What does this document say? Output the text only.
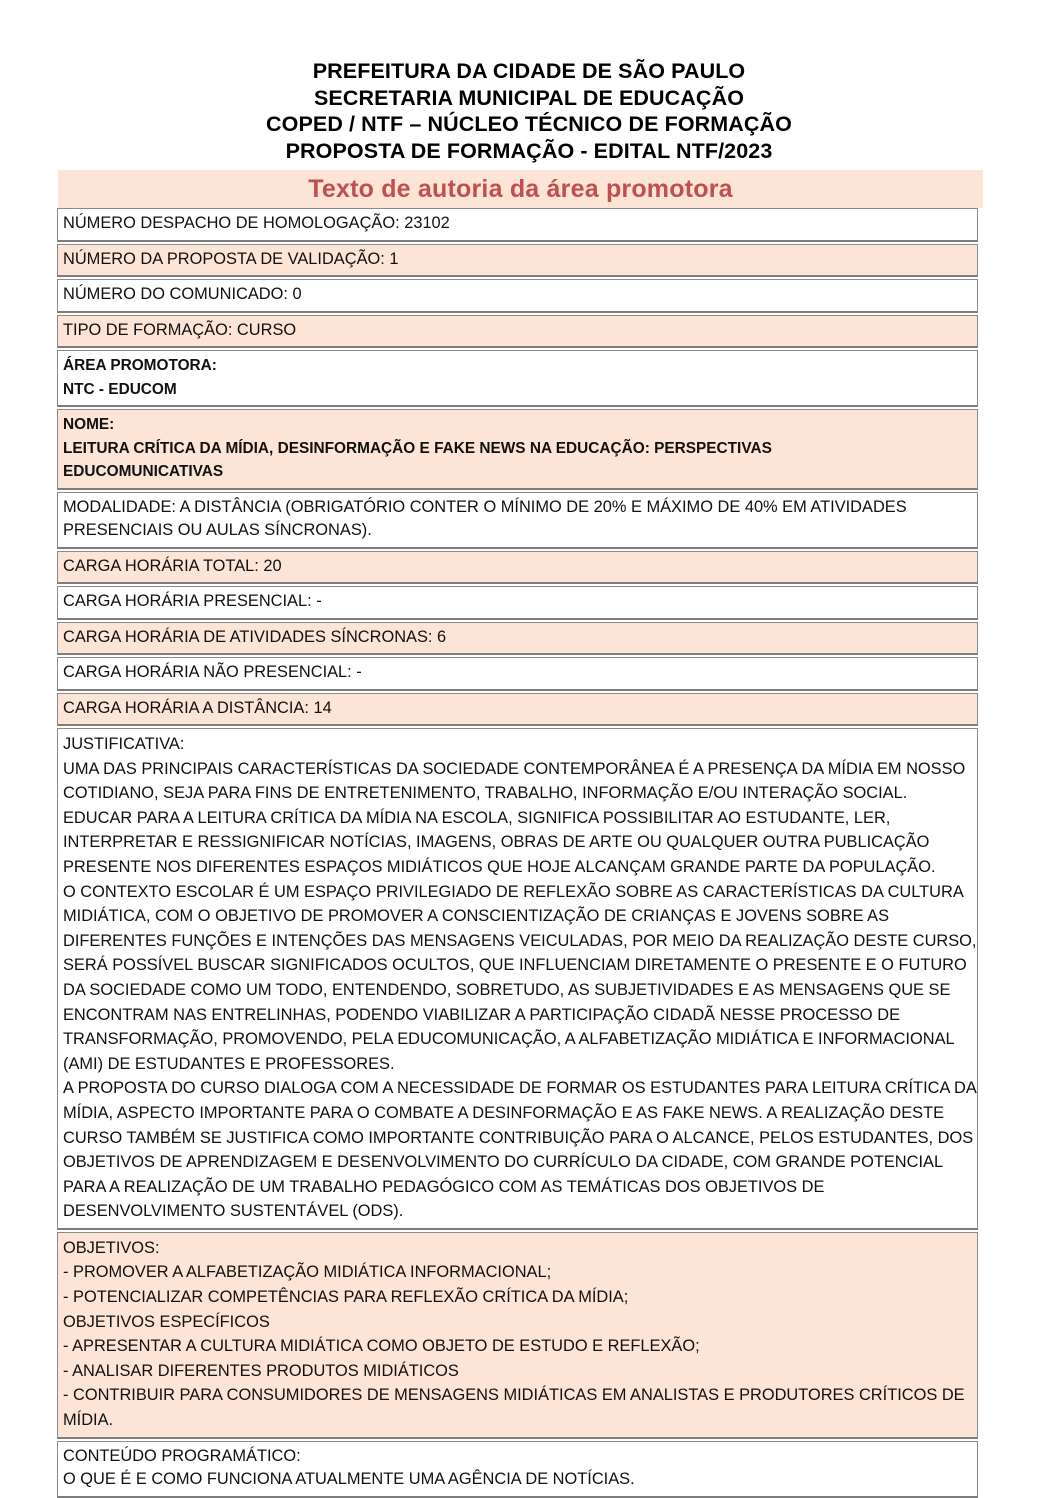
PREFEITURA DA CIDADE DE SÃO PAULO
SECRETARIA MUNICIPAL DE EDUCAÇÃO
COPED / NTF – NÚCLEO TÉCNICO DE FORMAÇÃO
PROPOSTA DE FORMAÇÃO - EDITAL NTF/2023
Texto de autoria da área promotora
NÚMERO DESPACHO DE HOMOLOGAÇÃO: 23102
NÚMERO DA PROPOSTA DE VALIDAÇÃO: 1
NÚMERO DO COMUNICADO: 0
TIPO DE FORMAÇÃO: CURSO
ÁREA PROMOTORA:
NTC - EDUCOM
NOME:
LEITURA CRÍTICA DA MÍDIA, DESINFORMAÇÃO E FAKE NEWS NA EDUCAÇÃO: PERSPECTIVAS
EDUCOMUNICATIVAS
MODALIDADE: A DISTÂNCIA (OBRIGATÓRIO CONTER O MÍNIMO DE 20% E MÁXIMO DE 40% EM ATIVIDADES
PRESENCIAIS OU AULAS SÍNCRONAS).
CARGA HORÁRIA TOTAL: 20
CARGA HORÁRIA PRESENCIAL: -
CARGA HORÁRIA DE ATIVIDADES SÍNCRONAS: 6
CARGA HORÁRIA NÃO PRESENCIAL: -
CARGA HORÁRIA A DISTÂNCIA: 14
JUSTIFICATIVA:
UMA DAS PRINCIPAIS CARACTERÍSTICAS DA SOCIEDADE CONTEMPORÂNEA É A PRESENÇA DA MÍDIA EM NOSSO
COTIDIANO, SEJA PARA FINS DE ENTRETENIMENTO, TRABALHO, INFORMAÇÃO E/OU INTERAÇÃO SOCIAL.
EDUCAR PARA A LEITURA CRÍTICA DA MÍDIA NA ESCOLA, SIGNIFICA POSSIBILITAR AO ESTUDANTE, LER,
INTERPRETAR E RESSIGNIFICAR NOTÍCIAS, IMAGENS, OBRAS DE ARTE OU QUALQUER OUTRA PUBLICAÇÃO
PRESENTE NOS DIFERENTES ESPAÇOS MIDIÁTICOS QUE HOJE ALCANÇAM GRANDE PARTE DA POPULAÇÃO.
O CONTEXTO ESCOLAR É UM ESPAÇO PRIVILEGIADO DE REFLEXÃO SOBRE AS CARACTERÍSTICAS DA CULTURA
MIDIÁTICA, COM O OBJETIVO DE PROMOVER A CONSCIENTIZAÇÃO DE CRIANÇAS E JOVENS SOBRE AS
DIFERENTES FUNÇÕES E INTENÇÕES DAS MENSAGENS VEICULADAS, POR MEIO DA REALIZAÇÃO DESTE CURSO,
SERÁ POSSÍVEL BUSCAR SIGNIFICADOS OCULTOS, QUE INFLUENCIAM DIRETAMENTE O PRESENTE E O FUTURO
DA SOCIEDADE COMO UM TODO, ENTENDENDO, SOBRETUDO, AS SUBJETIVIDADES E AS MENSAGENS QUE SE
ENCONTRAM NAS ENTRELINHAS, PODENDO VIABILIZAR A PARTICIPAÇÃO CIDADÃ NESSE PROCESSO DE
TRANSFORMAÇÃO, PROMOVENDO, PELA EDUCOMUNICAÇÃO, A ALFABETIZAÇÃO MIDIÁTICA E INFORMACIONAL
(AMI) DE ESTUDANTES E PROFESSORES.
A PROPOSTA DO CURSO DIALOGA COM A NECESSIDADE DE FORMAR OS ESTUDANTES PARA LEITURA CRÍTICA DA
MÍDIA, ASPECTO IMPORTANTE PARA O COMBATE A DESINFORMAÇÃO E AS FAKE NEWS. A REALIZAÇÃO DESTE
CURSO TAMBÉM SE JUSTIFICA COMO IMPORTANTE CONTRIBUIÇÃO PARA O ALCANCE, PELOS ESTUDANTES, DOS
OBJETIVOS DE APRENDIZAGEM E DESENVOLVIMENTO DO CURRÍCULO DA CIDADE, COM GRANDE POTENCIAL
PARA A REALIZAÇÃO DE UM TRABALHO PEDAGÓGICO COM AS TEMÁTICAS DOS OBJETIVOS DE
DESENVOLVIMENTO SUSTENTÁVEL (ODS).
OBJETIVOS:
- PROMOVER A ALFABETIZAÇÃO MIDIÁTICA INFORMACIONAL;
- POTENCIALIZAR COMPETÊNCIAS PARA REFLEXÃO CRÍTICA DA MÍDIA;
OBJETIVOS ESPECÍFICOS
- APRESENTAR A CULTURA MIDIÁTICA COMO OBJETO DE ESTUDO E REFLEXÃO;
- ANALISAR DIFERENTES PRODUTOS MIDIÁTICOS
- CONTRIBUIR PARA CONSUMIDORES DE MENSAGENS MIDIÁTICAS EM ANALISTAS E PRODUTORES CRÍTICOS DE
MÍDIA.
CONTEÚDO PROGRAMÁTICO:
O QUE É E COMO FUNCIONA ATUALMENTE UMA AGÊNCIA DE NOTÍCIAS.
